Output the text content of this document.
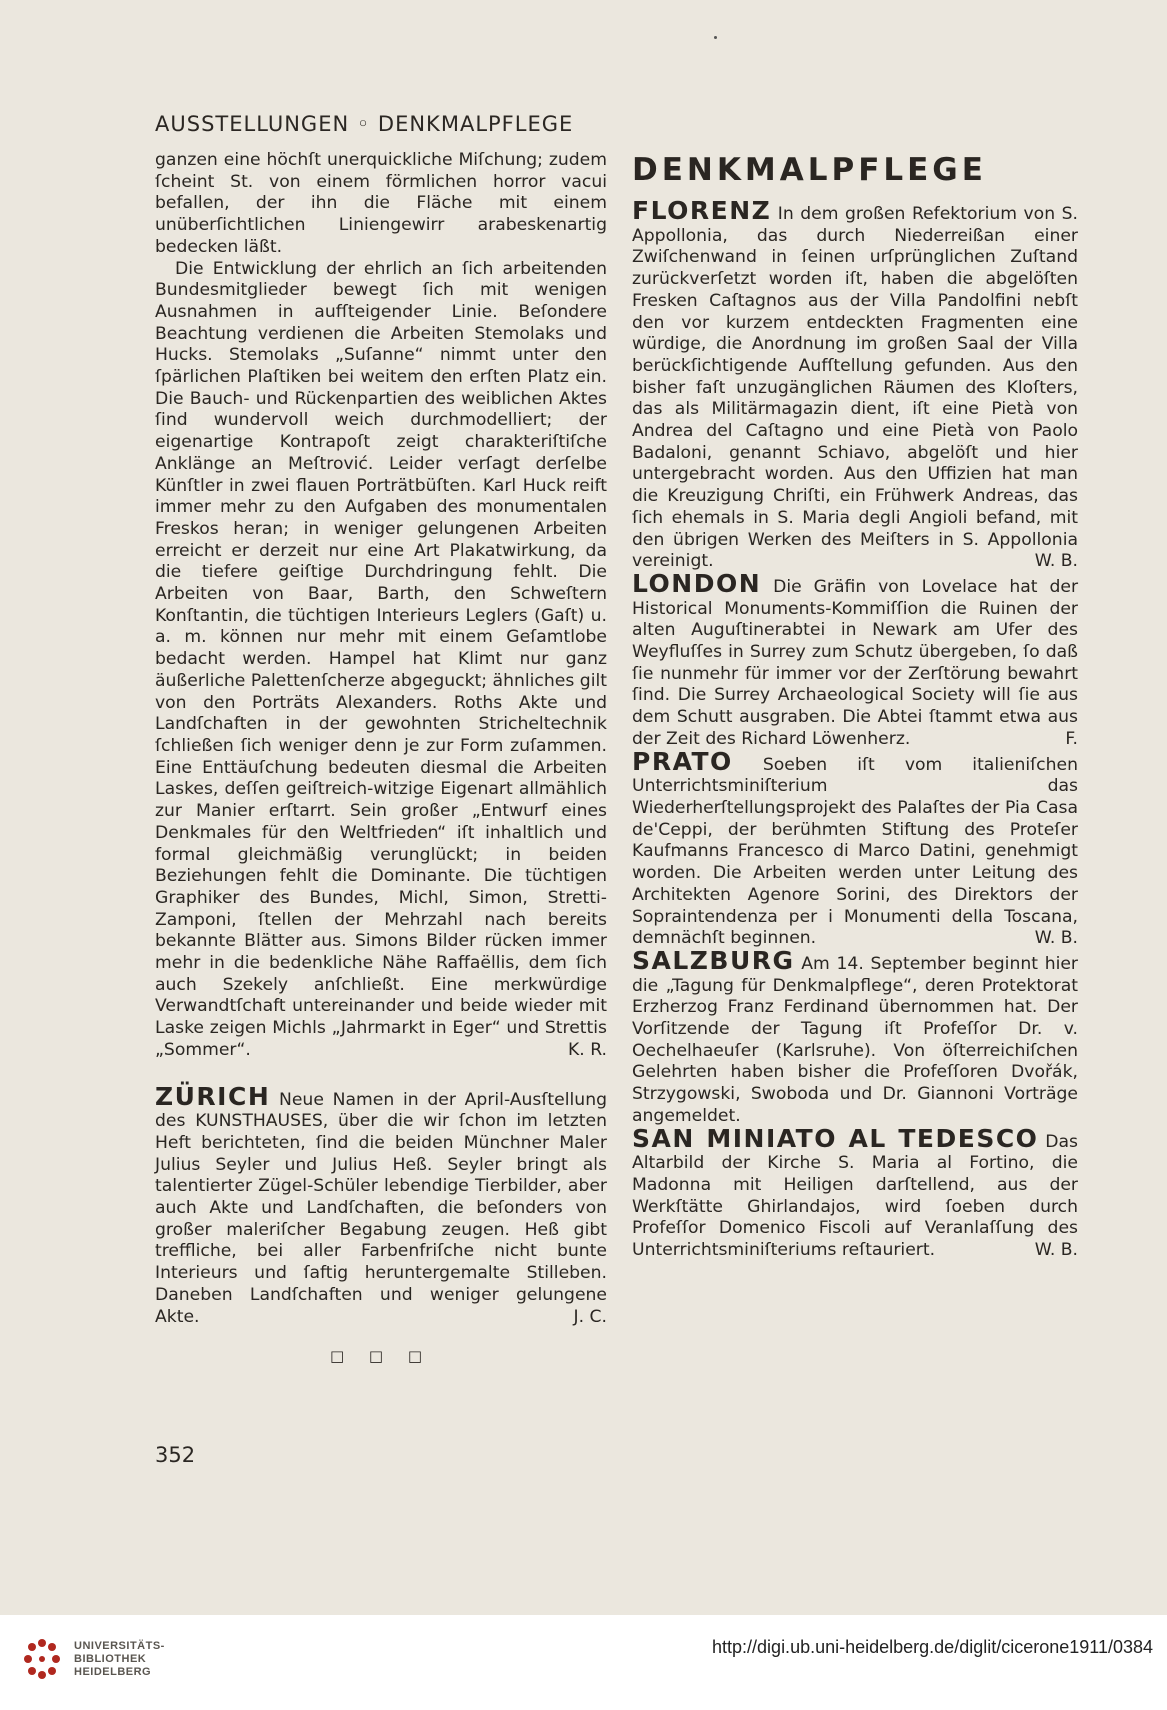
AUSSTELLUNGEN ◦ DENKMALPFLEGE

ganzen eine höchſt unerquickliche Miſchung; zudem ſcheint St. von einem förmlichen horror vacui befallen, der ihn die Fläche mit einem unüberſichtlichen Liniengewirr arabeskenartig bedecken läßt.

Die Entwicklung der ehrlich an ſich arbeitenden Bundesmitglieder bewegt ſich mit wenigen Ausnahmen in aufſteigender Linie. Beſondere Beachtung verdienen die Arbeiten Stemolaks und Hucks. Stemolaks „Suſanne“ nimmt unter den ſpärlichen Plaſtiken bei weitem den erſten Platz ein. Die Bauch- und Rückenpartien des weiblichen Aktes ſind wundervoll weich durchmodelliert; der eigenartige Kontrapoſt zeigt charakteriſtiſche Anklänge an Meſtrović. Leider verſagt derſelbe Künſtler in zwei flauen Porträtbüſten. Karl Huck reift immer mehr zu den Aufgaben des monumentalen Freskos heran; in weniger gelungenen Arbeiten erreicht er derzeit nur eine Art Plakatwirkung, da die tiefere geiſtige Durchdringung fehlt. Die Arbeiten von Baar, Barth, den Schweſtern Konſtantin, die tüchtigen Interieurs Leglers (Gaſt) u. a. m. können nur mehr mit einem Geſamtlobe bedacht werden. Hampel hat Klimt nur ganz äußerliche Palettenſcherze abgeguckt; ähnliches gilt von den Porträts Alexanders. Roths Akte und Landſchaften in der gewohnten Stricheltechnik ſchließen ſich weniger denn je zur Form zuſammen. Eine Enttäuſchung bedeuten diesmal die Arbeiten Laskes, deſſen geiſtreich-witzige Eigenart allmählich zur Manier erſtarrt. Sein großer „Entwurf eines Denkmales für den Weltfrieden“ iſt inhaltlich und formal gleichmäßig verunglückt; in beiden Beziehungen fehlt die Dominante. Die tüchtigen Graphiker des Bundes, Michl, Simon, Stretti-Zamponi, ſtellen der Mehrzahl nach bereits bekannte Blätter aus. Simons Bilder rücken immer mehr in die bedenkliche Nähe Raffaëllis, dem ſich auch Szekely anſchließt. Eine merkwürdige Verwandtſchaft untereinander und beide wieder mit Laske zeigen Michls „Jahrmarkt in Eger“ und Strettis „Sommer“.	K. R.

ZÜRICH Neue Namen in der April-Ausſtellung des KUNSTHAUSES, über die wir ſchon im letzten Heft berichteten, ſind die beiden Münchner Maler Julius Seyler und Julius Heß. Seyler bringt als talentierter Zügel-Schüler lebendige Tierbilder, aber auch Akte und Landſchaften, die beſonders von großer maleriſcher Begabung zeugen. Heß gibt treffliche, bei aller Farbenfriſche nicht bunte Interieurs und ſaftig heruntergemalte Stilleben. Daneben Landſchaften und weniger gelungene Akte.	J. C.

□ □ □
DENKMALPFLEGE

FLORENZ In dem großen Refektorium von S. Appollonia, das durch Niederreißan einer Zwiſchenwand in ſeinen urſprünglichen Zuſtand zurückverſetzt worden iſt, haben die abgelöſten Fresken Caſtagnos aus der Villa Pandolfini nebſt den vor kurzem entdeckten Fragmenten eine würdige, die Anordnung im großen Saal der Villa berückſichtigende Aufſtellung gefunden. Aus den bisher faſt unzugänglichen Räumen des Kloſters, das als Militärmagazin dient, iſt eine Pietà von Andrea del Caſtagno und eine Pietà von Paolo Badaloni, genannt Schiavo, abgelöſt und hier untergebracht worden. Aus den Uffizien hat man die Kreuzigung Chriſti, ein Frühwerk Andreas, das ſich ehemals in S. Maria degli Angioli befand, mit den übrigen Werken des Meiſters in S. Appollonia vereinigt.	W. B.

LONDON Die Gräfin von Lovelace hat der Historical Monuments-Kommiſſion die Ruinen der alten Auguſtinerabtei in Newark am Ufer des Weyfluſſes in Surrey zum Schutz übergeben, ſo daß ſie nunmehr für immer vor der Zerſtörung bewahrt ſind. Die Surrey Archaeological Society will ſie aus dem Schutt ausgraben. Die Abtei ſtammt etwa aus der Zeit des Richard Löwenherz.	F.

PRATO Soeben iſt vom italieniſchen Unterrichtsminiſterium das Wiederherſtellungsprojekt des Palaſtes der Pia Casa de'Ceppi, der berühmten Stiftung des Proteſer Kaufmanns Francesco di Marco Datini, genehmigt worden. Die Arbeiten werden unter Leitung des Architekten Agenore Sorini, des Direktors der Sopraintendenza per i Monumenti della Toscana, demnächſt beginnen.	W. B.

SALZBURG Am 14. September beginnt hier die „Tagung für Denkmalpflege“, deren Protektorat Erzherzog Franz Ferdinand übernommen hat. Der Vorſitzende der Tagung iſt Profeſſor Dr. v. Oechelhaeuſer (Karlsruhe). Von öſterreichiſchen Gelehrten haben bisher die Profeſſoren Dvořák, Strzygowski, Swoboda und Dr. Giannoni Vorträge angemeldet.

SAN MINIATO AL TEDESCO Das Altarbild der Kirche S. Maria al Fortino, die Madonna mit Heiligen darſtellend, aus der Werkſtätte Ghirlandajos, wird ſoeben durch Profeſſor Domenico Fiscoli auf Veranlaſſung des Unterrichtsminiſteriums reſtauriert.	W. B.

352
UNIVERSITÄTS-
BIBLIOTHEK
HEIDELBERG
http://digi.ub.uni-heidelberg.de/diglit/cicerone1911/0384
